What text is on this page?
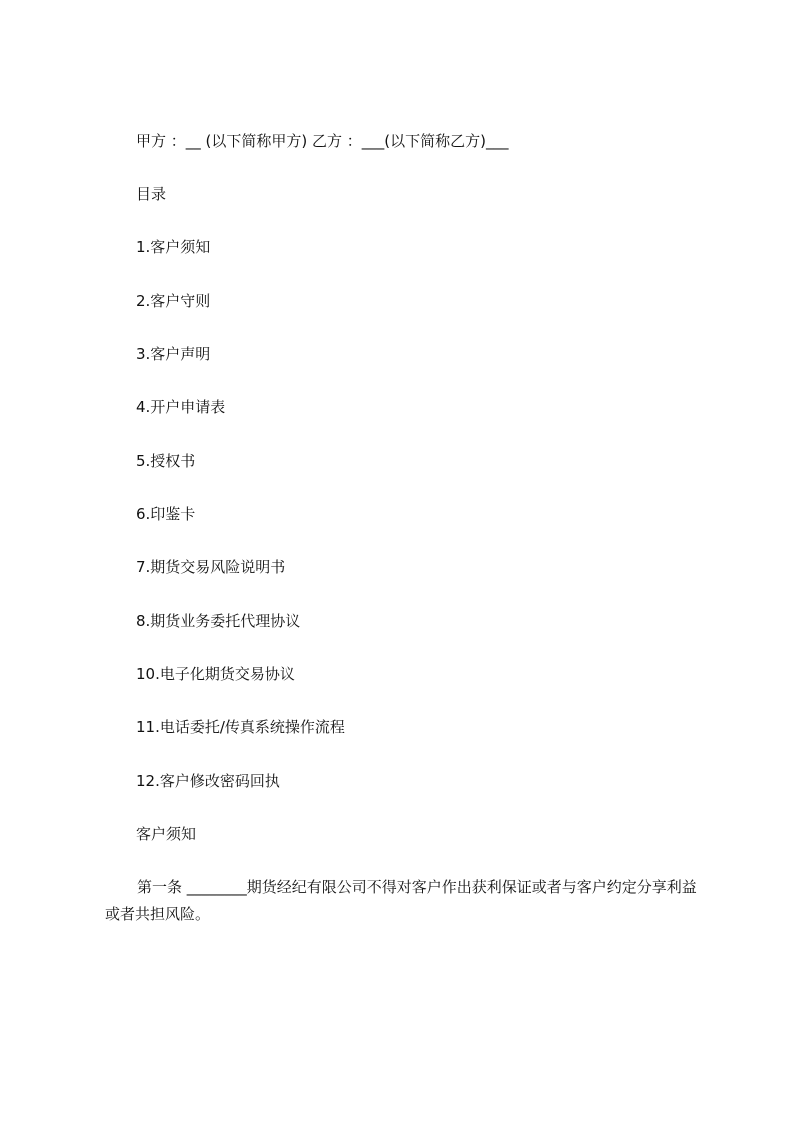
甲方 ：__ (以下简称甲方) 乙方 ：___(以下简称乙方)___
目录
1.客户须知
2.客户守则
3.客户声明
4.开户申请表
5.授权书
6.印鉴卡
7.期货交易风险说明书
8.期货业务委托代理协议
10.电子化期货交易协议
11.电话委托/传真系统操作流程
12.客户修改密码回执
客户须知
第一条 ________期货经纪有限公司不得对客户作出获利保证或者与客户约定分享利益或者共担风险。
